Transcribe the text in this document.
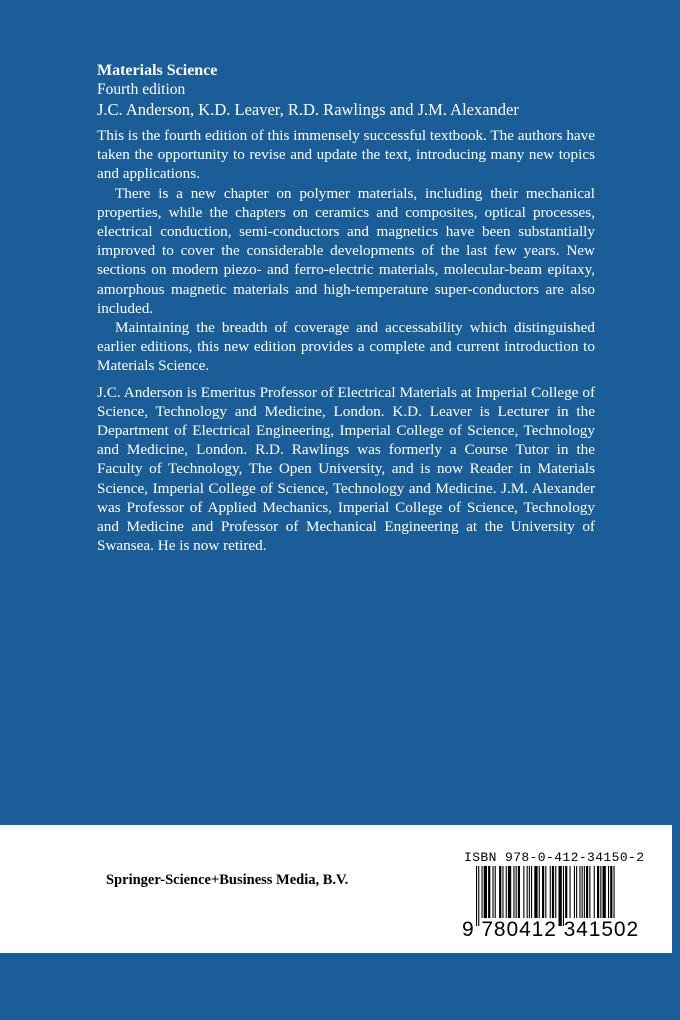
Materials Science

Fourth edition

J.C. Anderson, K.D. Leaver, R.D. Rawlings and J.M. Alexander

This is the fourth edition of this immensely successful textbook. The authors have taken the opportunity to revise and update the text, introducing many new topics and applications.

There is a new chapter on polymer materials, including their mechanical properties, while the chapters on ceramics and composites, optical processes, electrical conduction, semi-conductors and magnetics have been substantially improved to cover the considerable developments of the last few years. New sections on modern piezo- and ferro-electric materials, molecular-beam epitaxy, amorphous magnetic materials and high-temperature super-conductors are also included.

Maintaining the breadth of coverage and accessability which distinguished earlier editions, this new edition provides a complete and current introduction to Materials Science.

J.C. Anderson is Emeritus Professor of Electrical Materials at Imperial College of Science, Technology and Medicine, London. K.D. Leaver is Lecturer in the Department of Electrical Engineering, Imperial College of Science, Technology and Medicine, London. R.D. Rawlings was formerly a Course Tutor in the Faculty of Technology, The Open University, and is now Reader in Materials Science, Imperial College of Science, Technology and Medicine. J.M. Alexander was Professor of Applied Mechanics, Imperial College of Science, Technology and Medicine and Professor of Mechanical Engineering at the University of Swansea. He is now retired.

Springer-Science+Business Media, B.V.
ISBN 978-0-412-34150-2
9 780412 341502
